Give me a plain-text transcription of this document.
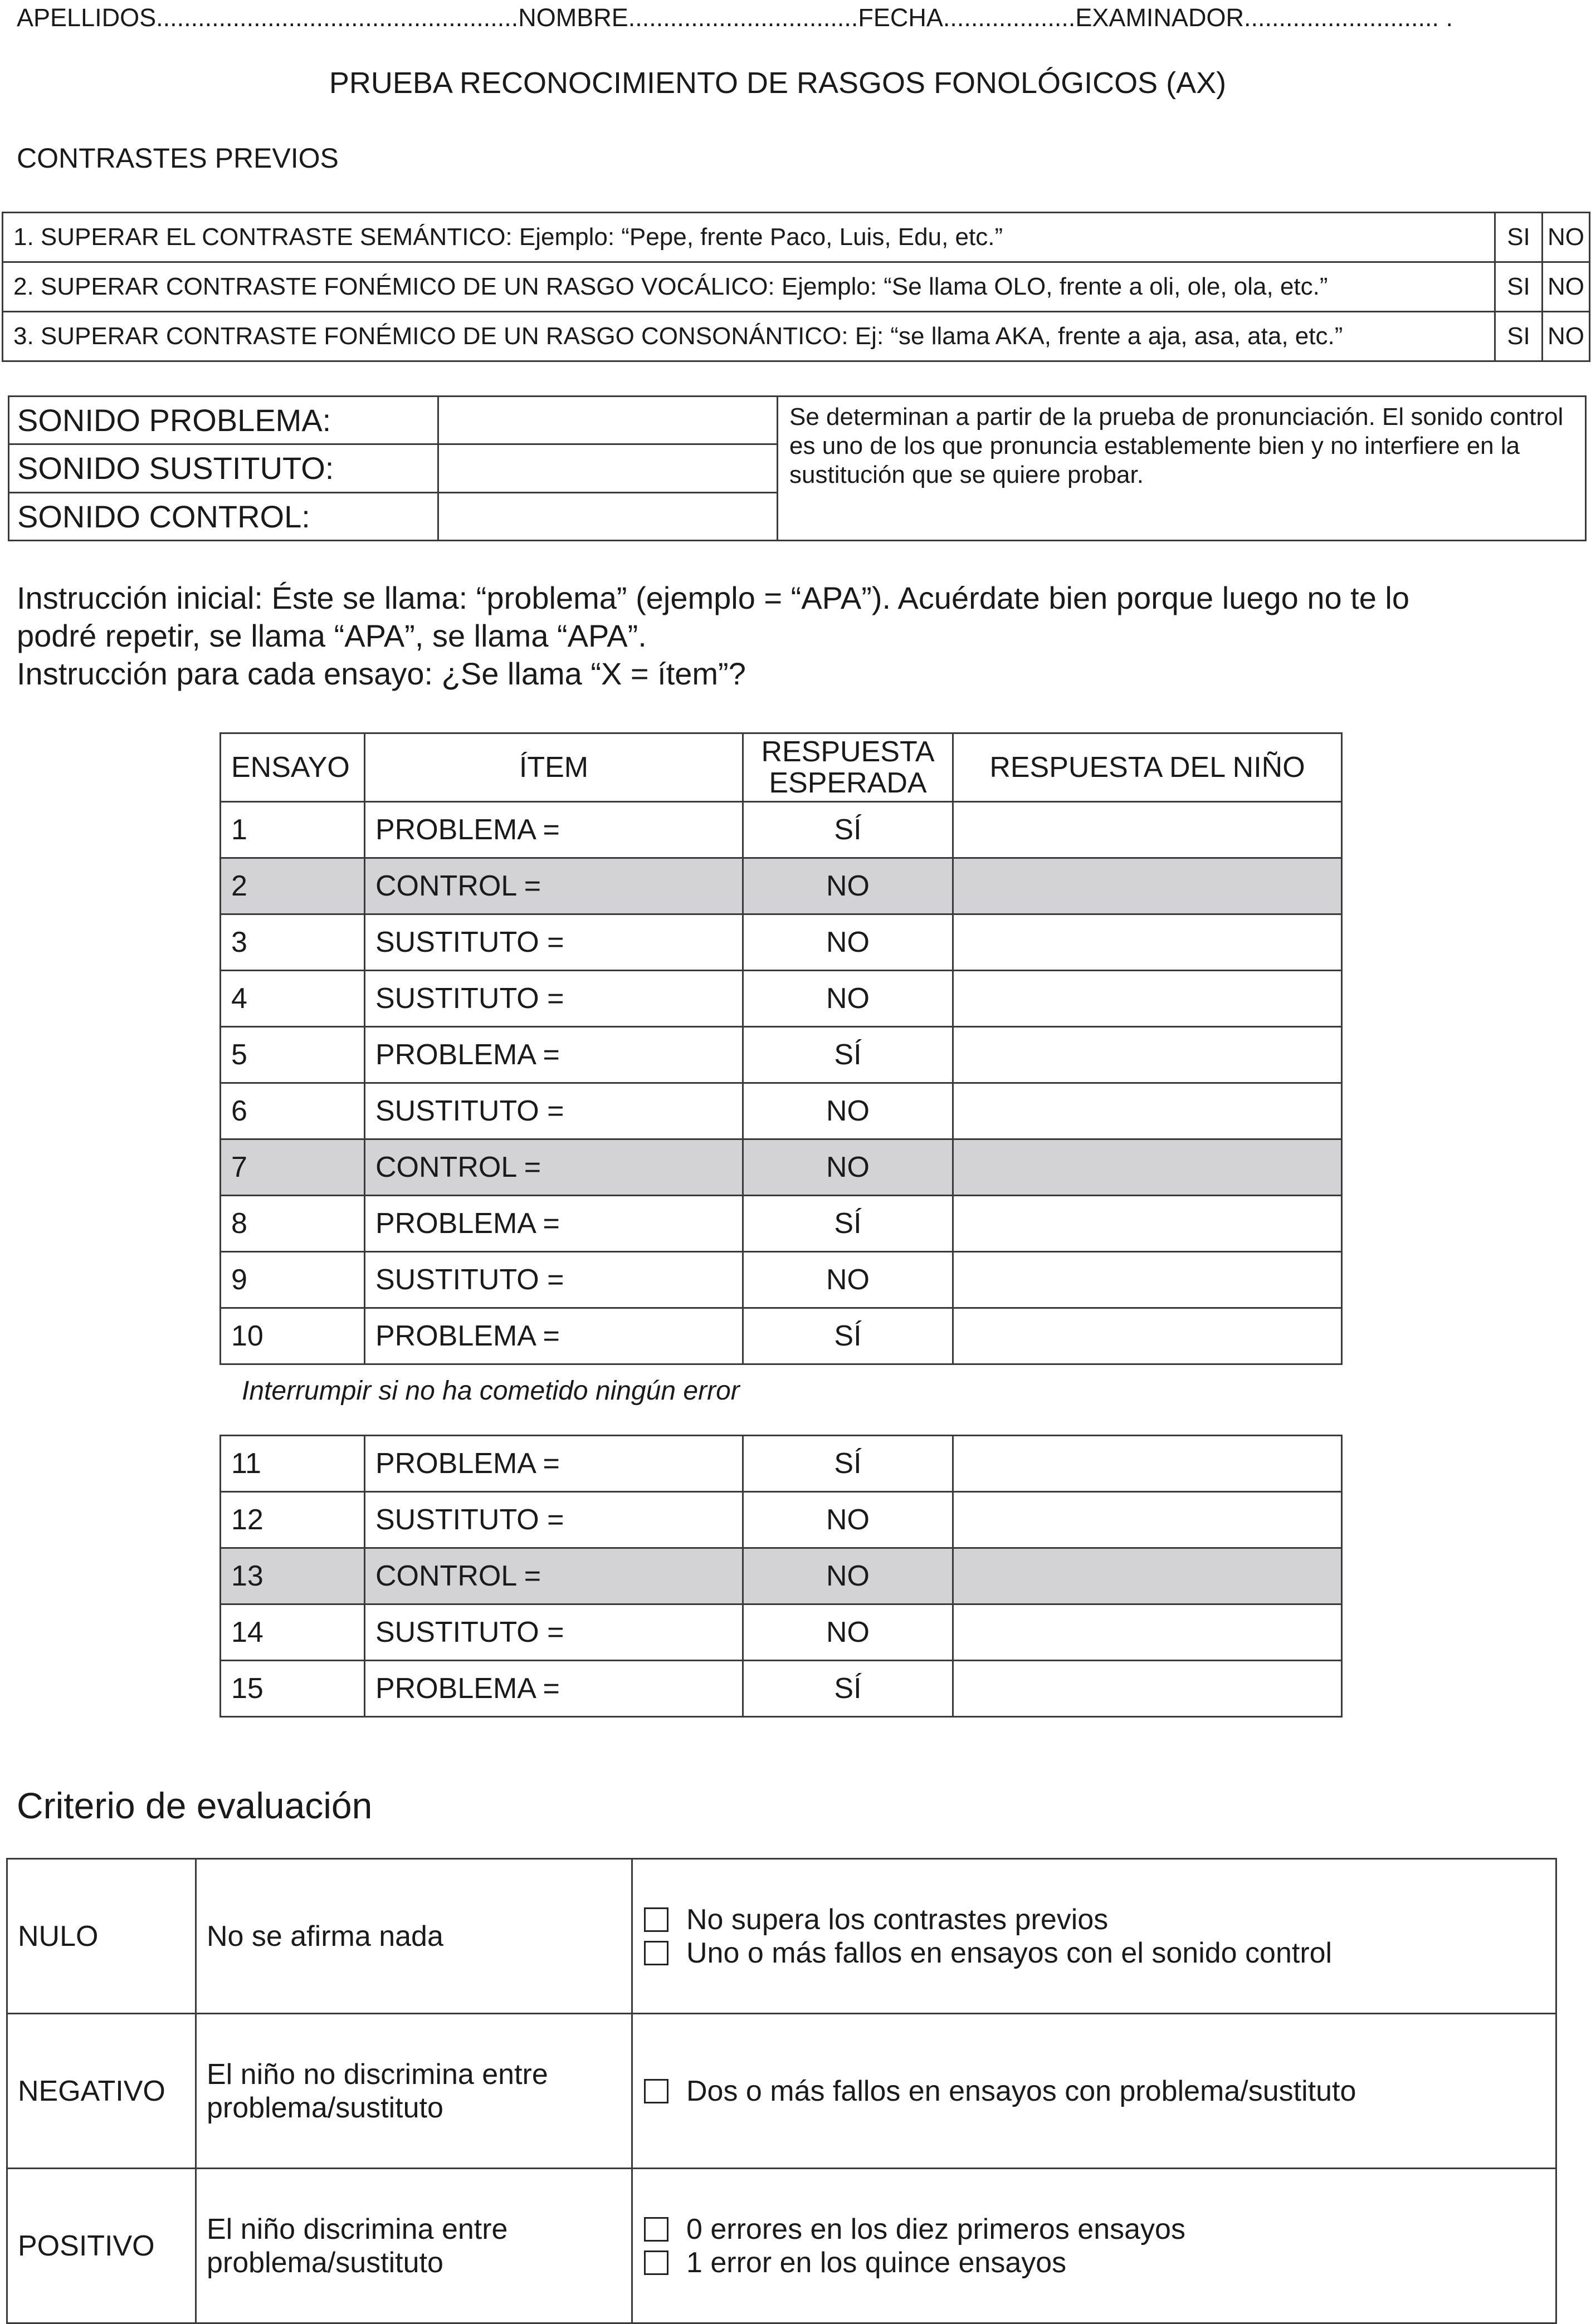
APELLIDOS....................................................NOMBRE.................................FECHA...................EXAMINADOR............................ .
PRUEBA RECONOCIMIENTO DE RASGOS FONOLÓGICOS (AX)
CONTRASTES PREVIOS
1. SUPERAR EL CONTRASTE SEMÁNTICO: Ejemplo: “Pepe, frente Paco, Luis, Edu, etc.”	SI	NO
2. SUPERAR CONTRASTE FONÉMICO DE UN RASGO VOCÁLICO: Ejemplo: “Se llama OLO, frente a oli, ole, ola, etc.”	SI	NO
3. SUPERAR CONTRASTE FONÉMICO DE UN RASGO CONSONÁNTICO: Ej: “se llama AKA, frente a aja, asa, ata, etc.”	SI	NO
SONIDO PROBLEMA:		Se determinan a partir de la prueba de pronunciación. El sonido control es uno de los que pronuncia establemente bien y no interfiere en la sustitución que se quiere probar.
SONIDO SUSTITUTO:		
SONIDO CONTROL:		
Instrucción inicial: Éste se llama: “problema” (ejemplo = “APA”). Acuérdate bien porque luego no te lo
podré repetir, se llama “APA”, se llama “APA”.
Instrucción para cada ensayo: ¿Se llama “X = ítem”?
ENSAYO	ÍTEM	RESPUESTA
ESPERADA	RESPUESTA DEL NIÑO
1	PROBLEMA =	SÍ	
2	CONTROL =	NO	
3	SUSTITUTO =	NO	
4	SUSTITUTO =	NO	
5	PROBLEMA =	SÍ	
6	SUSTITUTO =	NO	
7	CONTROL =	NO	
8	PROBLEMA =	SÍ	
9	SUSTITUTO =	NO	
10	PROBLEMA =	SÍ	
Interrumpir si no ha cometido ningún error
11	PROBLEMA =	SÍ	
12	SUSTITUTO =	NO	
13	CONTROL =	NO	
14	SUSTITUTO =	NO	
15	PROBLEMA =	SÍ	
Criterio de evaluación
NULO	No se afirma nada	No supera los contrastes previos
Uno o más fallos en ensayos con el sonido control

NEGATIVO	El niño no discrimina entre problema/sustituto	Dos o más fallos en ensayos con problema/sustituto

POSITIVO	El niño discrimina entre problema/sustituto	0 errores en los diez primeros ensayos
1 error en los quince ensayos
